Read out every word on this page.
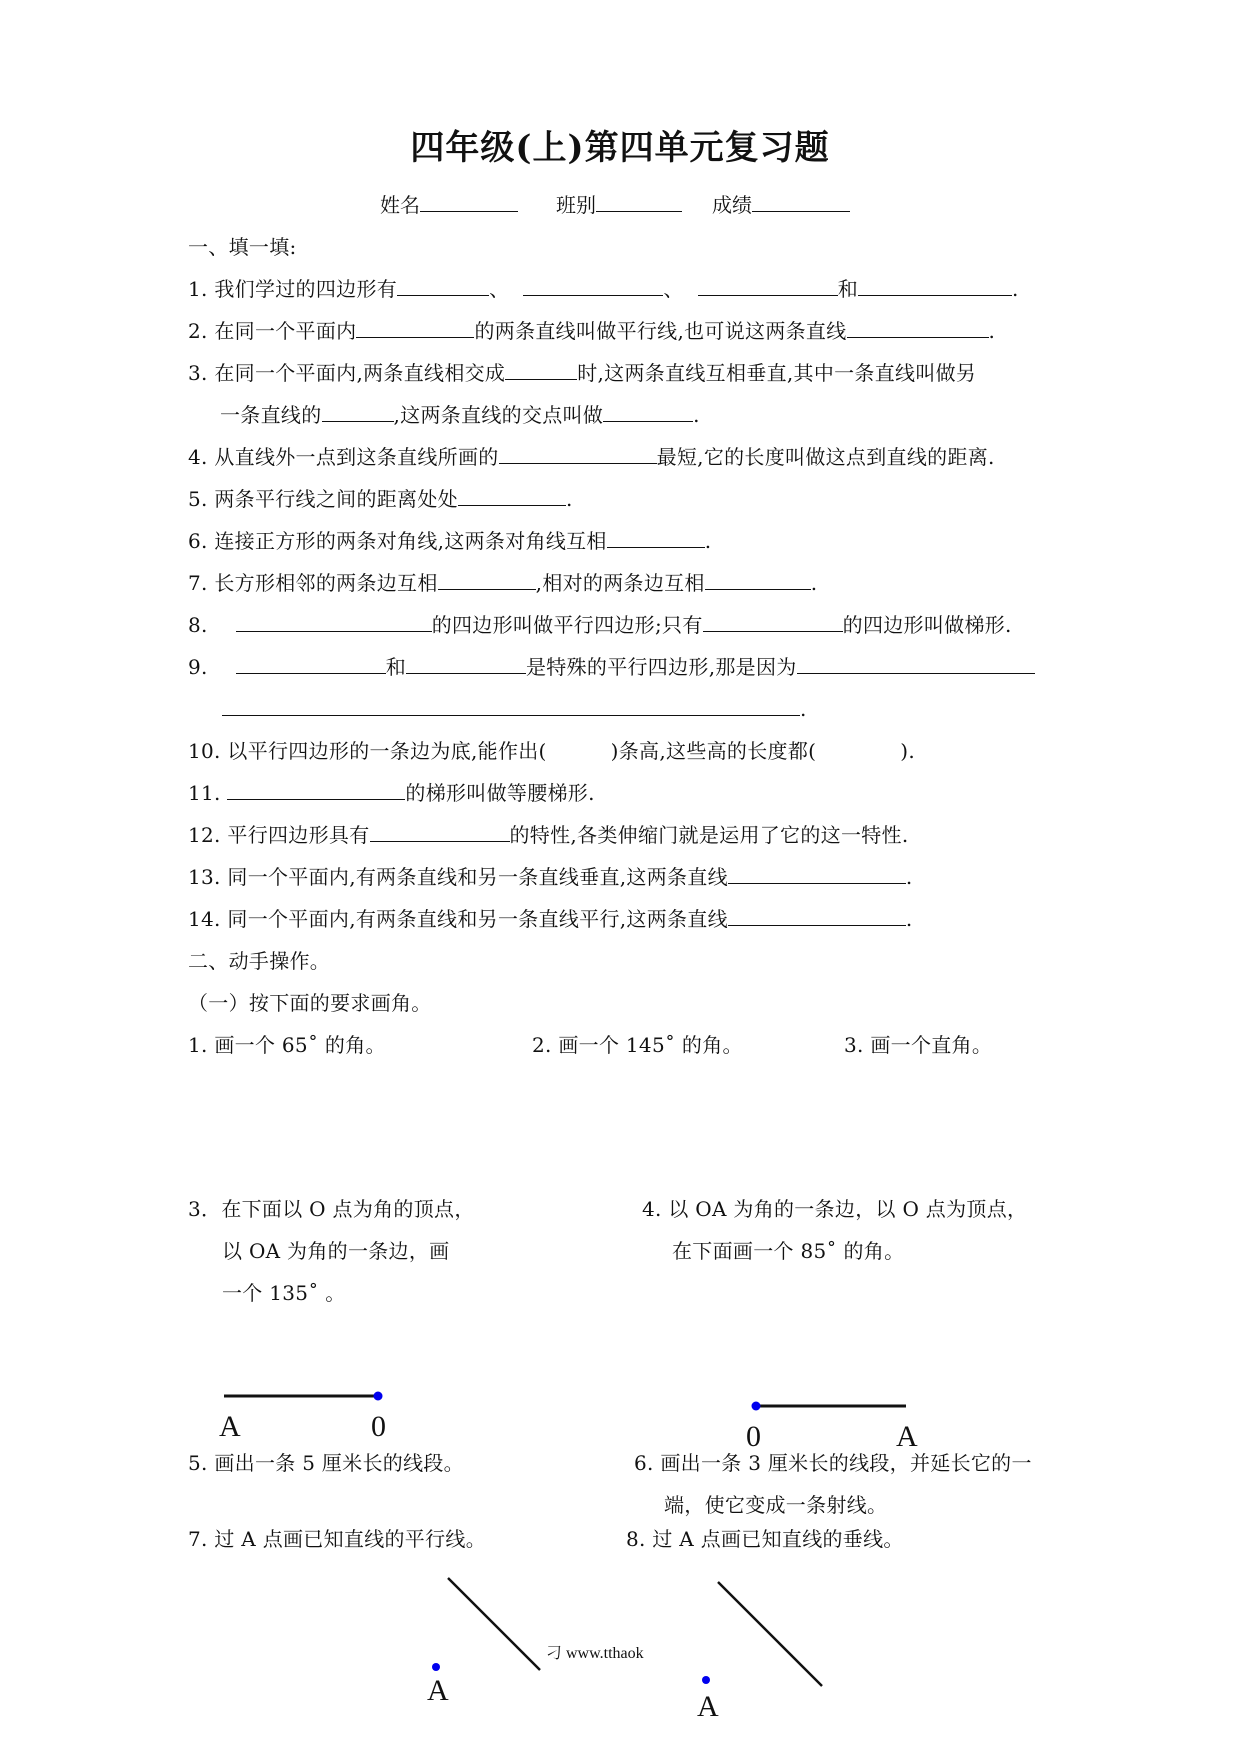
四年级(上)第四单元复习题
姓名	班别	成绩
一、填一填:
1. 我们学过的四边形有	、	、	和	.
2. 在同一个平面内	的两条直线叫做平行线,也可说这两条直线	.
3. 在同一个平面内,两条直线相交成	时,这两条直线互相垂直,其中一条直线叫做另
一条直线的	,这两条直线的交点叫做	.
4. 从直线外一点到这条直线所画的	最短,它的长度叫做这点到直线的距离.
5. 两条平行线之间的距离处处	.
6. 连接正方形的两条对角线,这两条对角线互相	.
7. 长方形相邻的两条边互相	,相对的两条边互相	.
8.	的四边形叫做平行四边形;只有	的四边形叫做梯形.
9.	和	是特殊的平行四边形,那是因为
.
10. 以平行四边形的一条边为底,能作出(	)条高,这些高的长度都(	).
11.	的梯形叫做等腰梯形.
12. 平行四边形具有	的特性,各类伸缩门就是运用了它的这一特性.
13. 同一个平面内,有两条直线和另一条直线垂直,这两条直线	.
14. 同一个平面内,有两条直线和另一条直线平行,这两条直线	.
二、动手操作。
（一）按下面的要求画角。
1. 画一个 65˚ 的角。	2. 画一个 145˚ 的角。	3. 画一个直角。
3．在下面以 O 点为角的顶点，
以 OA 为角的一条边，画
一个 135˚ 。
4. 以 OA 为角的一条边，以 O 点为顶点，
在下面画一个 85˚ 的角。
5. 画出一条 5 厘米长的线段。	6. 画出一条 3 厘米长的线段，并延长它的一
端，使它变成一条射线。
7. 过 A 点画已知直线的平行线。	8. 过 A 点画已知直线的垂线。
A	0	0	A
A	A
刁 www.tthaok
